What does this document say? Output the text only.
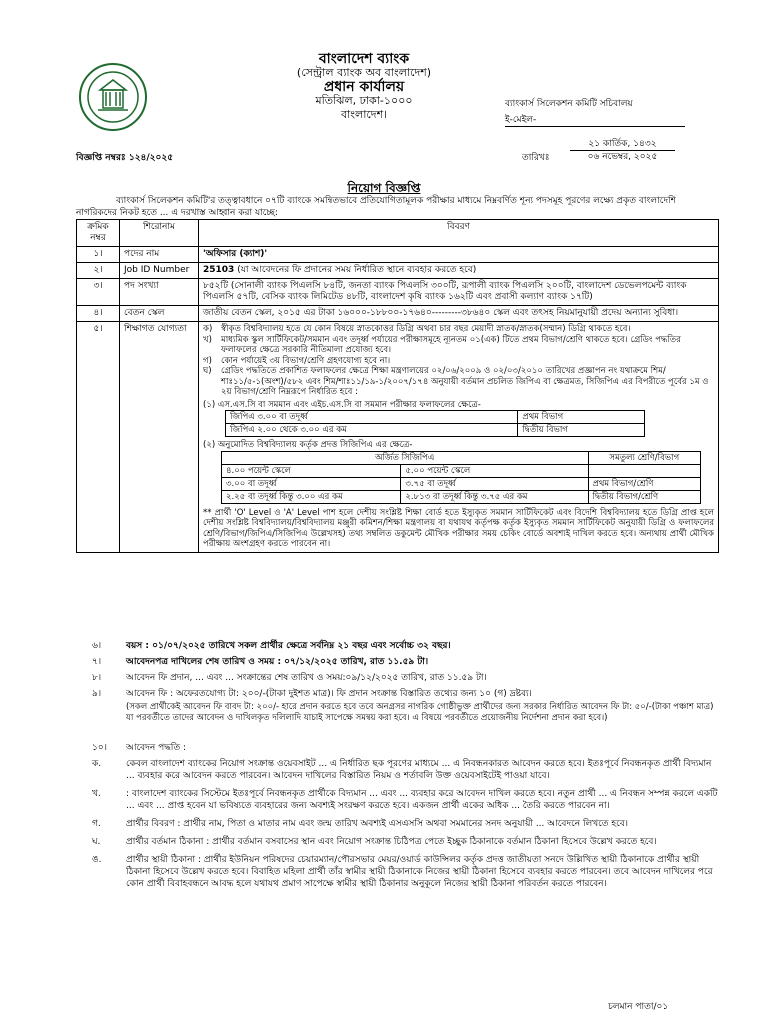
বাংলাদেশ ব্যাংক
(সেন্ট্রাল ব্যাংক অব বাংলাদেশ)
প্রধান কার্যালয়
মতিঝিল, ঢাকা-১০০০
বাংলাদেশ।
ব্যাংকার্স সিলেকশন কমিটি সচিবালয়
ই-মেইল-
বিজ্ঞপ্তি নম্বরঃ ১২৪/২০২৫	তারিখঃ
২১ কার্তিক, ১৪৩২
০৬ নভেম্বর, ২০২৫
নিয়োগ বিজ্ঞপ্তি
ব্যাংকার্স সিলেকশন কমিটি'র তত্ত্বাবধানে ০৭টি ব্যাংকে সমন্বিতভাবে প্রতিযোগিতামূলক পরীক্ষার মাধ্যমে নিম্নবর্ণিত শূন্য পদসমূহ পূরণের লক্ষ্যে প্রকৃত বাংলাদেশি নাগরিকদের নিকট হতে ... এ দরখাস্ত আহ্বান করা যাচ্ছে:
ক্রমিক নম্বর	শিরোনাম	বিবরণ
১।	পদের নাম	'অফিসার (ক্যাশ)'
২।	Job ID Number	25103 (যা আবেদনের ফি প্রদানের সময় নির্ধারিত স্থানে ব্যবহার করতে হবে)
৩।	পদ সংখ্যা	৮৫২টি (সোনালী ব্যাংক পিএলসি ৮৪টি, জনতা ব্যাংক পিএলসি ৩০০টি, রূপালী ব্যাংক পিএলসি ২০০টি, বাংলাদেশ ডেভেলপমেন্ট ব্যাংক পিএলসি ৫৭টি, বেসিক ব্যাংক লিমিটেড ৪৮টি, বাংলাদেশ কৃষি ব্যাংক ১৬২টি এবং প্রবাসী কল্যাণ ব্যাংক ১৭টি)
৪।	বেতন স্কেল	জাতীয় বেতন স্কেল, ২০১৫ এর টাকা ১৬০০০-১৮৮০০-১৭৬৪০---------৩৮৬৪০ স্কেল এবং তৎসহ নিয়মানুযায়ী প্রদেয় অন্যান্য সুবিধা।
৫।	শিক্ষাগত যোগ্যতা	ক)	স্বীকৃত বিশ্ববিদ্যালয় হতে যে কোন বিষয়ে স্নাতকোত্তর ডিগ্রি অথবা চার বছর মেয়াদী স্নাতক/স্নাতক(সম্মান) ডিগ্রি থাকতে হবে।
খ)	মাধ্যমিক স্কুল সার্টিফিকেট/সমমান এবং তদূর্ধ্ব পর্যায়ের পরীক্ষাসমূহে ন্যূনতম ০১(এক) টিতে প্রথম বিভাগ/শ্রেণি থাকতে হবে। গ্রেডিং পদ্ধতির ফলাফলের ক্ষেত্রে সরকারি নীতিমালা প্রযোজ্য হবে।
গ)	কোন পর্যায়েই ৩য় বিভাগ/শ্রেণি গ্রহণযোগ্য হবে না।
ঘ)	গ্রেডিং পদ্ধতিতে প্রকাশিত ফলাফলের ক্ষেত্রে শিক্ষা মন্ত্রণালয়ের ০২/০৬/২০০৯ ও ০২/০৩/২০১০ তারিখের প্রজ্ঞাপন নং যথাক্রমে শিম/শাঃ১১/৫-১(অংশ)/৫৮২ এবং শিম/শাঃ১১/১৯-১/২০০৭/১৭৪ অনুযায়ী বর্তমান প্রচলিত জিপিএ বা ক্ষেত্রমত, সিজিপিএ এর বিপরীতে পূর্বের ১ম ও ২য় বিভাগ/শ্রেণি নিম্নরূপে নির্ধারিত হবে :
(১) এস.এস.সি বা সমমান এবং এইচ.এস.সি বা সমমান পরীক্ষার ফলাফলের ক্ষেত্রে-
জিপিএ ৩.০০ বা তদূর্ধ্ব	প্রথম বিভাগ
জিপিএ ২.০০ থেকে ৩.০০ এর কম	দ্বিতীয় বিভাগ
(২) অনুমোদিত বিশ্ববিদ্যালয় কর্তৃক প্রদত্ত সিজিপিএ এর ক্ষেত্রে-
অর্জিত সিজিপিএ	সমতুল্য শ্রেণি/বিভাগ
৪.০০ পয়েন্ট স্কেলে	৫.০০ পয়েন্ট স্কেলে	
৩.০০ বা তদূর্ধ্ব	৩.৭৫ বা তদূর্ধ্ব	প্রথম বিভাগ/শ্রেণি
২.২৫ বা তদূর্ধ্ব কিন্তু ৩.০০ এর কম	২.৮১৩ বা তদূর্ধ্ব কিন্তু ৩.৭৫ এর কম	দ্বিতীয় বিভাগ/শ্রেণি
** প্রার্থী 'O' Level ও 'A' Level পাশ হলে দেশীয় সংশ্লিষ্ট শিক্ষা বোর্ড হতে ইস্যুকৃত সমমান সার্টিফিকেট এবং বিদেশি বিশ্ববিদ্যালয় হতে ডিগ্রি প্রাপ্ত হলে দেশীয় সংশ্লিষ্ট বিশ্ববিদ্যালয়/বিশ্ববিদ্যালয় মঞ্জুরী কমিশন/শিক্ষা মন্ত্রণালয় বা যথাযথ কর্তৃপক্ষ কর্তৃক ইস্যুকৃত সমমান সার্টিফিকেট অনুযায়ী ডিগ্রি ও ফলাফলের শ্রেণি/বিভাগ/জিপিএ/সিজিপিএ উল্লেখসহ) তথ্য সম্বলিত ডকুমেন্ট মৌখিক পরীক্ষার সময় চেকিং বোর্ডে অবশ্যই দাখিল করতে হবে। অন্যথায় প্রার্থী মৌখিক পরীক্ষায় অংশগ্রহণ করতে পারবেন না।
৬।	বয়স : ০১/০৭/২০২৫ তারিখে সকল প্রার্থীর ক্ষেত্রে সর্বনিম্ন ২১ বছর এবং সর্বোচ্চ ৩২ বছর।
৭।	আবেদনপত্র দাখিলের শেষ তারিখ ও সময় : ০৭/১২/২০২৫ তারিখ, রাত ১১.৫৯ টা।
৮।	আবেদন ফি প্রদান, ... এবং ... সংক্রান্তের শেষ তারিখ ও সময়:০৯/১২/২০২৫ তারিখ, রাত ১১.৫৯ টা।
৯।	আবেদন ফি : অফেরতযোগ্য টা: ২০০/-(টাকা দুইশত মাত্র)। ফি প্রদান সংক্রান্ত বিস্তারিত তথ্যের জন্য ১০ (গ) দ্রষ্টব্য।
(সকল প্রার্থীকেই আবেদন ফি বাবদ টা: ২০০/- হারে প্রদান করতে হবে তবে অনগ্রসর নাগরিক গোষ্ঠীভুক্ত প্রার্থীদের জন্য সরকার নির্ধারিত আবেদন ফি টা: ৫০/-(টাকা পঞ্চাশ মাত্র) যা পরবর্তীতে তাদের আবেদন ও দাখিলকৃত দলিলাদি যাচাই সাপেক্ষে সমন্বয় করা হবে। এ বিষয়ে পরবর্তীতে প্রয়োজনীয় নির্দেশনা প্রদান করা হবে।)
১০।	আবেদন পদ্ধতি :
ক.	কেবল বাংলাদেশ ব্যাংকের নিয়োগ সংক্রান্ত ওয়েবসাইট ... এ নির্ধারিত ছক পূরণের মাধ্যমে ... এ নিবন্ধনকারত আবেদন করতে হবে। ইতঃপূর্বে নিবন্ধনকৃত প্রার্থী বিদ্যমান ... ব্যবহার করে আবেদন করতে পারবেন। আবেদন দাখিলের বিস্তারিত নিয়ম ও শর্তাবলি উক্ত ওয়েবসাইটেই পাওয়া যাবে।
খ.	: বাংলাদেশ ব্যাংকের সিস্টেমে ইতঃপূর্বে নিবন্ধনকৃত প্রার্থীকে বিদ্যমান ... এবং ... ব্যবহার করে আবেদন দাখিল করতে হবে। নতুন প্রার্থী ... এ নিবন্ধন সম্পন্ন করলে একটি ... এবং ... প্রাপ্ত হবেন যা ভবিষ্যতে ব্যবহারের জন্য অবশ্যই সংরক্ষণ করতে হবে। একজন প্রার্থী একের অধিক ... তৈরি করতে পারবেন না।
গ.	প্রার্থীর বিবরণ : প্রার্থীর নাম, পিতা ও মাতার নাম এবং জন্ম তারিখ অবশ্যই এসএসসি অথবা সমমানের সনদ অনুযায়ী ... আবেদনে লিখতে হবে।
ঘ.	প্রার্থীর বর্তমান ঠিকানা : প্রার্থীর বর্তমান বসবাসের স্থান এবং নিয়োগ সংক্রান্ত চিঠিপত্র পেতে ইচ্ছুক ঠিকানাকে বর্তমান ঠিকানা হিসেবে উল্লেখ করতে হবে।
ঙ.	প্রার্থীর স্থায়ী ঠিকানা : প্রার্থীর ইউনিয়ন পরিষদের চেয়ারম্যান/পৌরসভার মেয়র/ওয়ার্ড কাউন্সিলর কর্তৃক প্রদত্ত জাতীয়তা সনদে উল্লিখিত স্থায়ী ঠিকানাকে প্রার্থীর স্থায়ী ঠিকানা হিসেবে উল্লেখ করতে হবে। বিবাহিত মহিলা প্রার্থী তাঁর স্বামীর স্থায়ী ঠিকানাকে নিজের স্থায়ী ঠিকানা হিসেবে ব্যবহার করতে পারবেন। তবে আবেদন দাখিলের পরে কোন প্রার্থী বিবাহবন্ধনে আবদ্ধ হলে যথাযথ প্রমাণ সাপেক্ষে স্বামীর স্থায়ী ঠিকানার অনুকূলে নিজের স্থায়ী ঠিকানা পরিবর্তন করতে পারবেন।
চলমান পাতা/০১
